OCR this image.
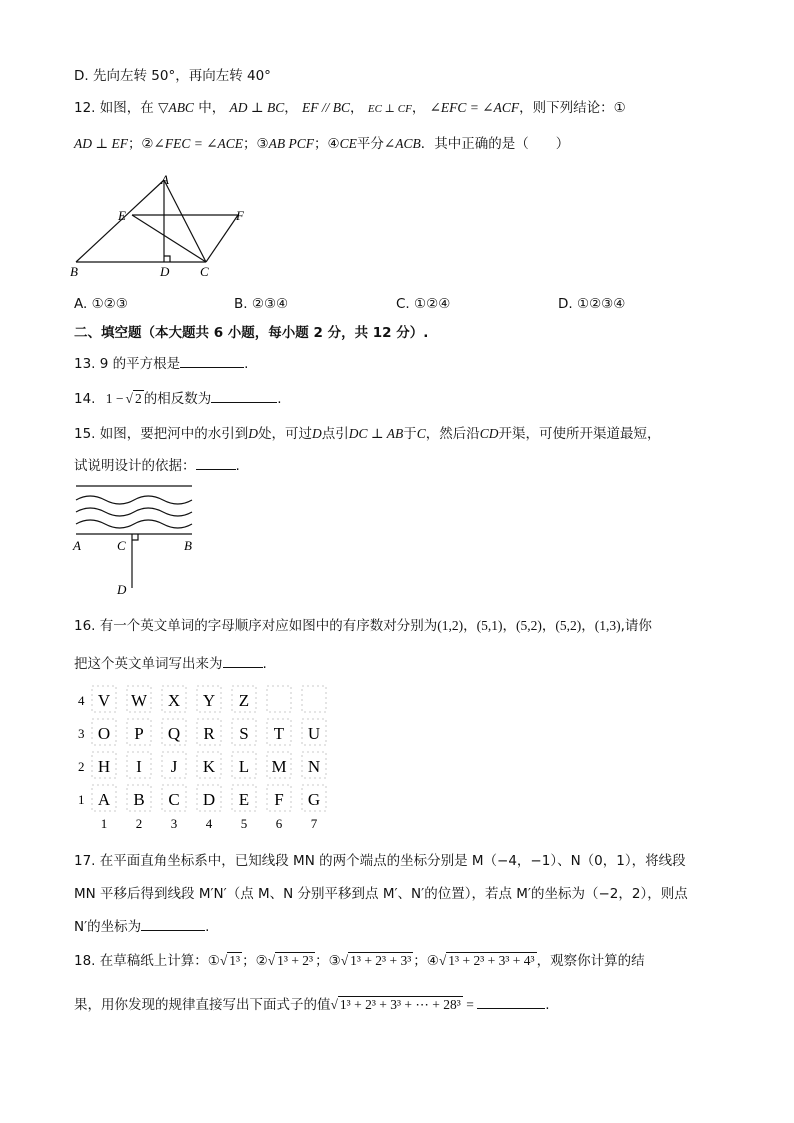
D. 先向左转 50°，再向左转 40°
12. 如图，在 ▽ABC 中， AD ⊥ BC， EF // BC， EC ⊥ CF， ∠EFC = ∠ACF，则下列结论：①
AD ⊥ EF；②∠FEC = ∠ACE；③AB PCF；④CE平分∠ACB．其中正确的是（　　）
A
E	F
B	D C
A. ①②③	B. ②③④	C. ①②④	D. ①②③④
二、填空题（本大题共 6 小题，每小题 2 分，共 12 分）.
13. 9 的平方根是	.
14. 1 − √ 2 的相反数为	.
15. 如图，要把河中的水引到D处，可过D点引DC ⊥ AB于C，然后沿CD开渠，可使所开渠道最短，
试说明设计的依据：	.
A	C	B
D
16. 有一个英文单词的字母顺序对应如图中的有序数对分别为(1,2)，(5,1)，(5,2)，(5,2)，(1,3),请你
把这个英文单词写出来为	.
4 V W X Y Z
3 O P Q R S T U
2 H I J K L M N
1 A B C D E F G
1 2 3 4 5 6 7
17. 在平面直角坐标系中，已知线段 MN 的两个端点的坐标分别是 M（−4，−1）、N（0，1），将线段
MN 平移后得到线段 M′N′（点 M、N 分别平移到点 M′、N′的位置），若点 M′的坐标为（−2，2），则点
N′的坐标为	.
18. 在草稿纸上计算：①√ 1³ ；②√ 1³ + 2³ ；③√ 1³ + 2³ + 3³ ；④√ 1³ + 2³ + 3³ + 4³ ，观察你计算的结
果，用你发现的规律直接写出下面式子的值√ 1³ + 2³ + 3³ + ⋯ + 28³ =	.
